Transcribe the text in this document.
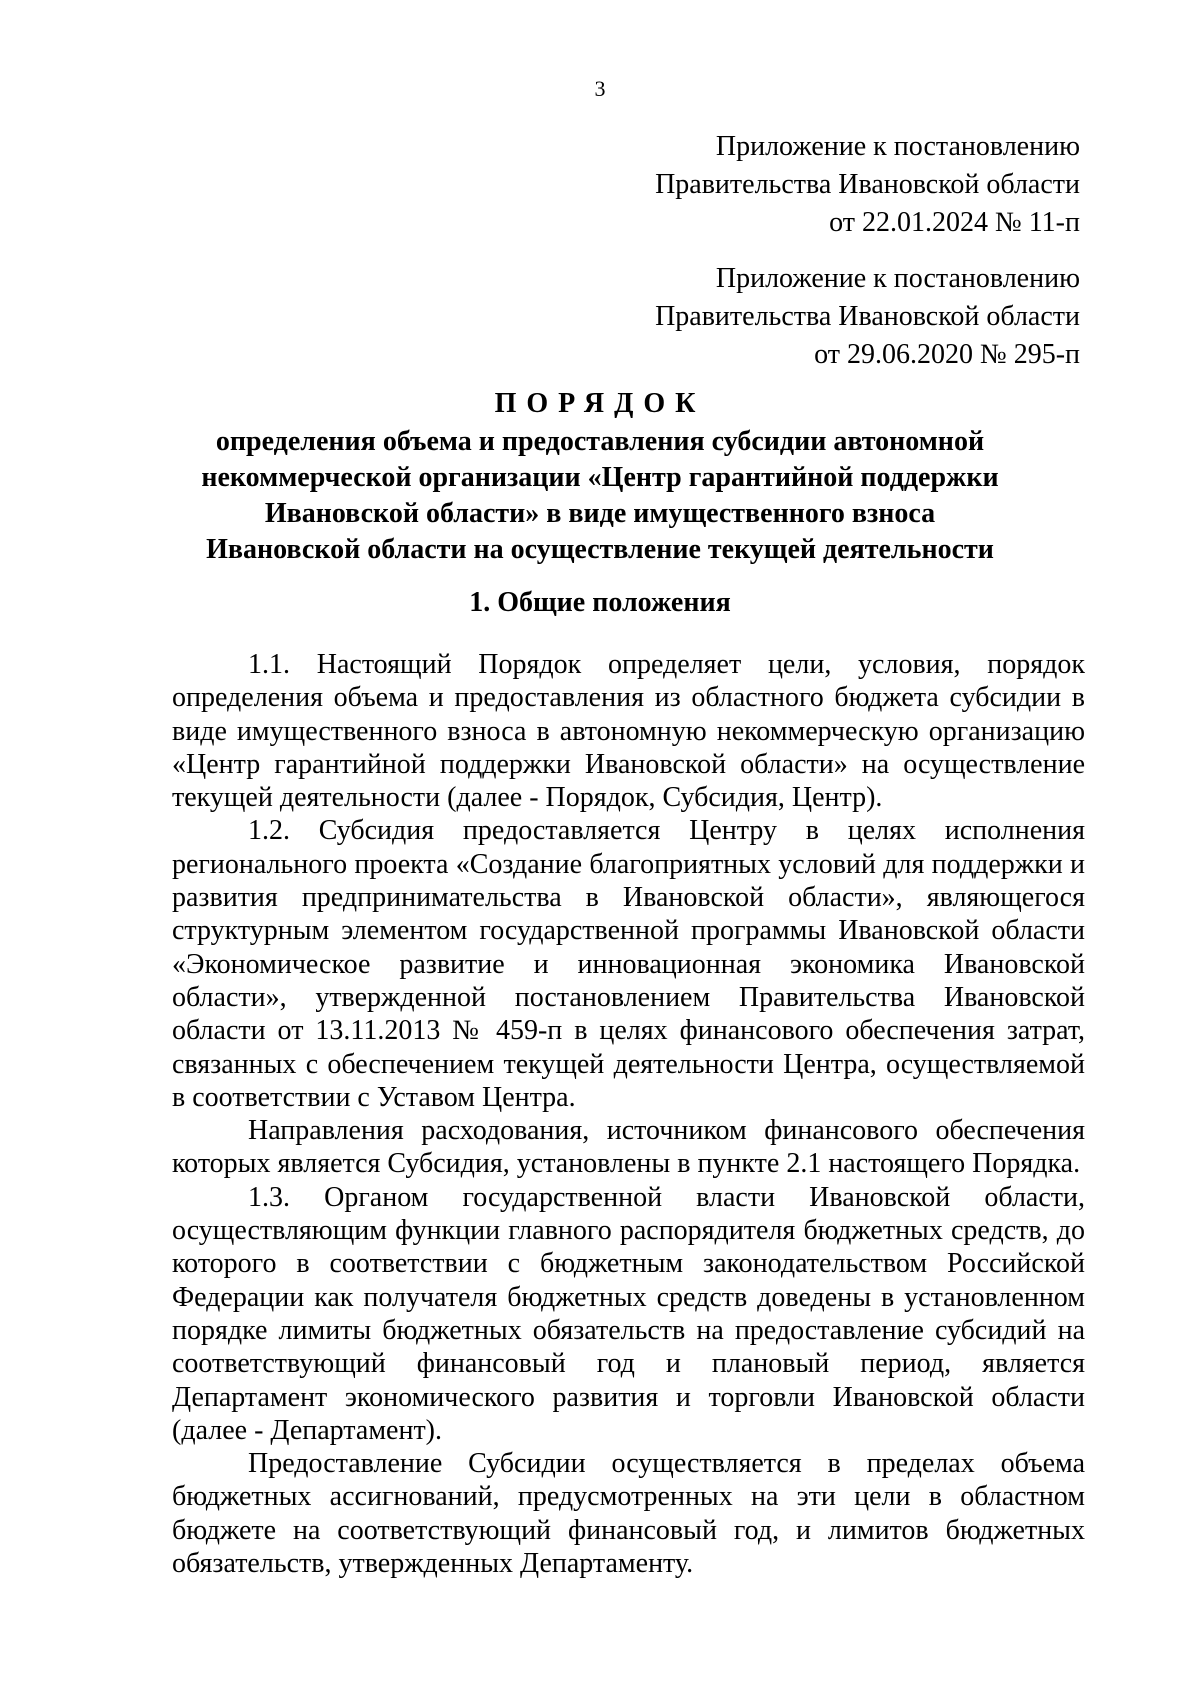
3
Приложение к постановлению
Правительства Ивановской области
от 22.01.2024 № 11-п
Приложение к постановлению
Правительства Ивановской области
от 29.06.2020 № 295-п
ПОРЯДОК
определения объема и предоставления субсидии автономной
некоммерческой организации «Центр гарантийной поддержки
Ивановской области» в виде имущественного взноса
Ивановской области на осуществление текущей деятельности
1. Общие положения

1.1. Настоящий Порядок определяет цели, условия, порядок определения объема и предоставления из областного бюджета субсидии в виде имущественного взноса в автономную некоммерческую организацию «Центр гарантийной поддержки Ивановской области» на осуществление текущей деятельности (далее - Порядок, Субсидия, Центр).

1.2. Субсидия предоставляется Центру в целях исполнения регионального проекта «Создание благоприятных условий для поддержки и развития предпринимательства в Ивановской области», являющегося структурным элементом государственной программы Ивановской области «Экономическое развитие и инновационная экономика Ивановской области», утвержденной постановлением Правительства Ивановской области от 13.11.2013 № 459-п в целях финансового обеспечения затрат, связанных с обеспечением текущей деятельности Центра, осуществляемой в соответствии с Уставом Центра.

Направления расходования, источником финансового обеспечения которых является Субсидия, установлены в пункте 2.1 настоящего Порядка.

1.3. Органом государственной власти Ивановской области, осуществляющим функции главного распорядителя бюджетных средств, до которого в соответствии с бюджетным законодательством Российской Федерации как получателя бюджетных средств доведены в установленном порядке лимиты бюджетных обязательств на предоставление субсидий на соответствующий финансовый год и плановый период, является Департамент экономического развития и торговли Ивановской области (далее - Департамент).

Предоставление Субсидии осуществляется в пределах объема бюджетных ассигнований, предусмотренных на эти цели в областном бюджете на соответствующий финансовый год, и лимитов бюджетных обязательств, утвержденных Департаменту.
